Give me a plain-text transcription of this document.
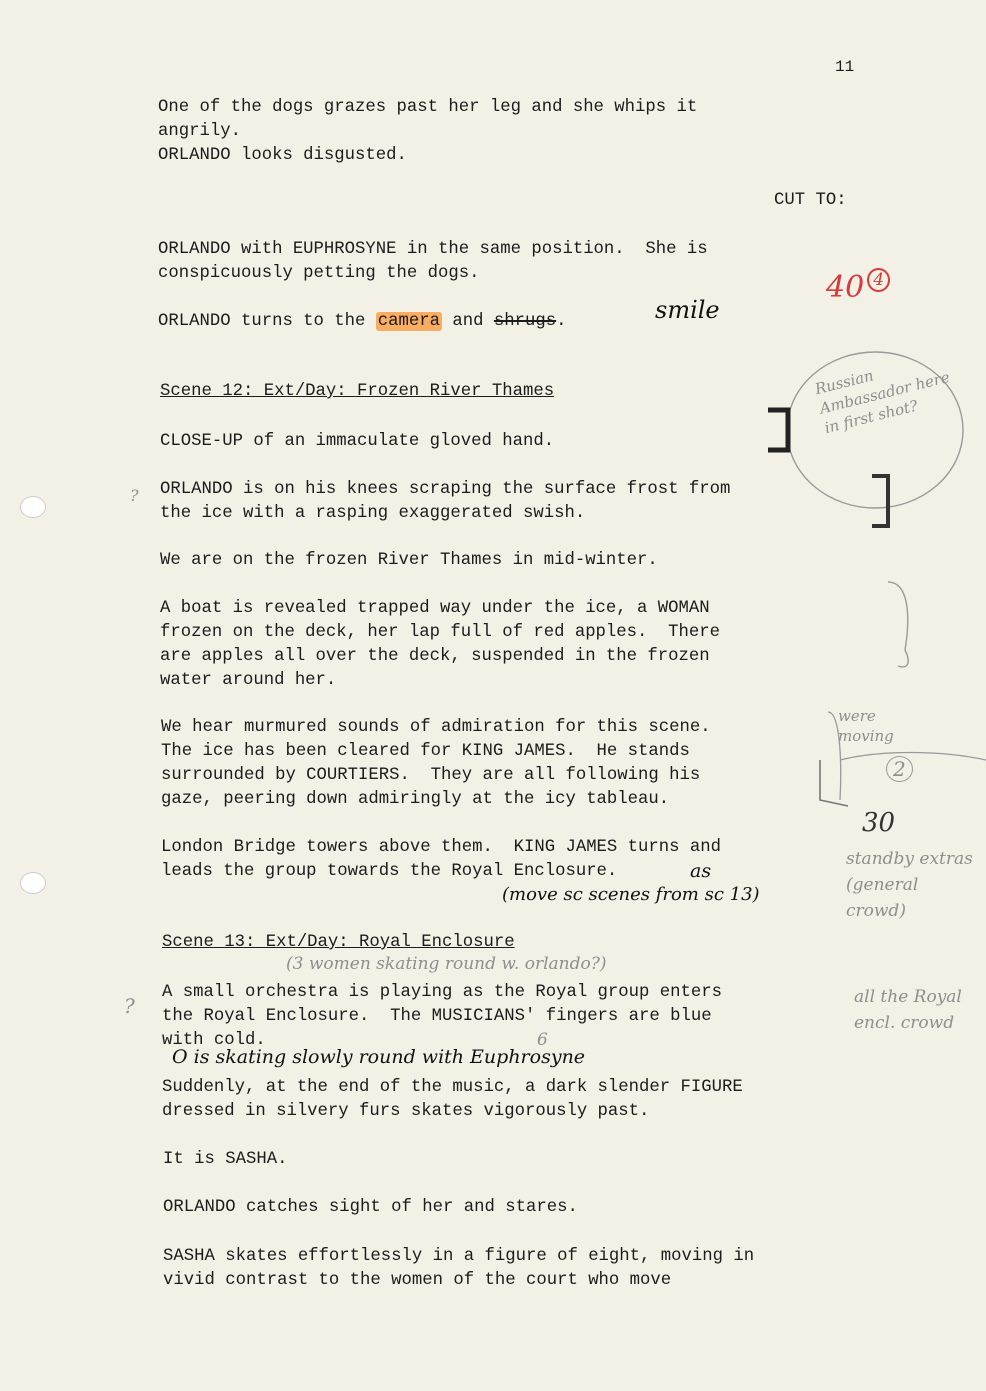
11
One of the dogs grazes past her leg and she whips it
angrily.
ORLANDO looks disgusted.
CUT TO:
ORLANDO with EUPHROSYNE in the same position.  She is
conspicuously petting the dogs.
ORLANDO turns to the camera and shrugs.
Scene 12: Ext/Day: Frozen River Thames
CLOSE-UP of an immaculate gloved hand.
ORLANDO is on his knees scraping the surface frost from
the ice with a rasping exaggerated swish.
We are on the frozen River Thames in mid-winter.
A boat is revealed trapped way under the ice, a WOMAN
frozen on the deck, her lap full of red apples.  There
are apples all over the deck, suspended in the frozen
water around her.
We hear murmured sounds of admiration for this scene.
The ice has been cleared for KING JAMES.  He stands
surrounded by COURTIERS.  They are all following his
gaze, peering down admiringly at the icy tableau.
London Bridge towers above them.  KING JAMES turns and
leads the group towards the Royal Enclosure.
Scene 13: Ext/Day: Royal Enclosure
A small orchestra is playing as the Royal group enters
the Royal Enclosure.  The MUSICIANS' fingers are blue
with cold.
Suddenly, at the end of the music, a dark slender FIGURE
dressed in silvery furs skates vigorously past.
It is SASHA.
ORLANDO catches sight of her and stares.
SASHA skates effortlessly in a figure of eight, moving in
vivid contrast to the women of the court who move
smile
40 $^4$
Russian Ambassador here in first shot?
were moving
2
30
standby extras (general crowd)
as
(move sc scenes from sc 13)
(3 women skating round w. orlando?)
all the Royal encl. crowd
6
O is skating slowly round with Euphrosyne
?
?
